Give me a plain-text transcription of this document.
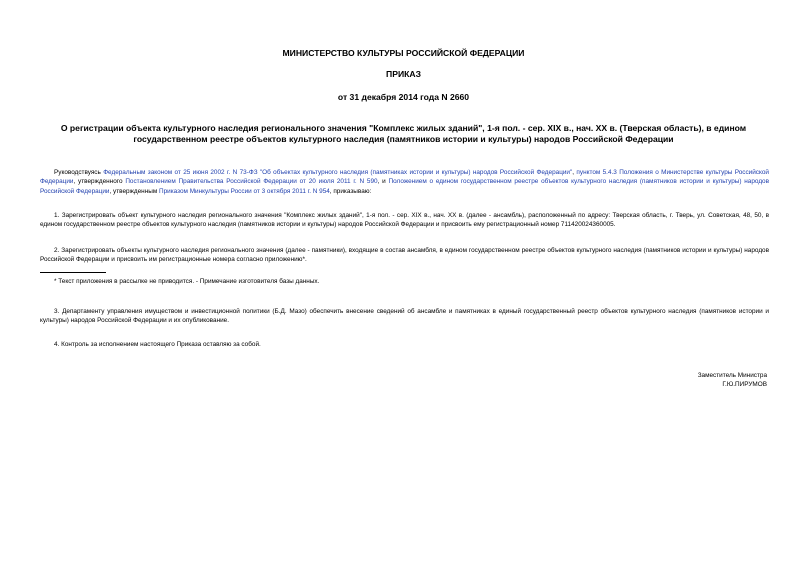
МИНИСТЕРСТВО КУЛЬТУРЫ РОССИЙСКОЙ ФЕДЕРАЦИИ
ПРИКАЗ
от 31 декабря 2014 года N 2660
О регистрации объекта культурного наследия регионального значения "Комплекс жилых зданий", 1-я пол. - сер. XIX в., нач. XX в. (Тверская область), в едином государственном реестре объектов культурного наследия (памятников истории и культуры) народов Российской Федерации
Руководствуясь Федеральным законом от 25 июня 2002 г. N 73-ФЗ "Об объектах культурного наследия (памятниках истории и культуры) народов Российской Федерации", пунктом 5.4.3 Положения о Министерстве культуры Российской Федерации, утвержденного Постановлением Правительства Российской Федерации от 20 июля 2011 г. N 590, и Положением о едином государственном реестре объектов культурного наследия (памятников истории и культуры) народов Российской Федерации, утвержденным Приказом Минкультуры России от 3 октября 2011 г. N 954, приказываю:
1. Зарегистрировать объект культурного наследия регионального значения "Комплекс жилых зданий", 1-я пол. - сер. XIX в., нач. XX в. (далее - ансамбль), расположенный по адресу: Тверская область, г. Тверь, ул. Советская, 48, 50, в едином государственном реестре объектов культурного наследия (памятников истории и культуры) народов Российской Федерации и присвоить ему регистрационный номер 711420024360005.
2. Зарегистрировать объекты культурного наследия регионального значения (далее - памятники), входящие в состав ансамбля, в едином государственном реестре объектов культурного наследия (памятников истории и культуры) народов Российской Федерации и присвоить им регистрационные номера согласно приложению*.
* Текст приложения в рассылке не приводится. - Примечание изготовителя базы данных.
3. Департаменту управления имуществом и инвестиционной политики (Б.Д. Мазо) обеспечить внесение сведений об ансамбле и памятниках в единый государственный реестр объектов культурного наследия (памятников истории и культуры) народов Российской Федерации и их опубликование.
4. Контроль за исполнением настоящего Приказа оставляю за собой.
Заместитель Министра
Г.Ю.ПИРУМОВ
